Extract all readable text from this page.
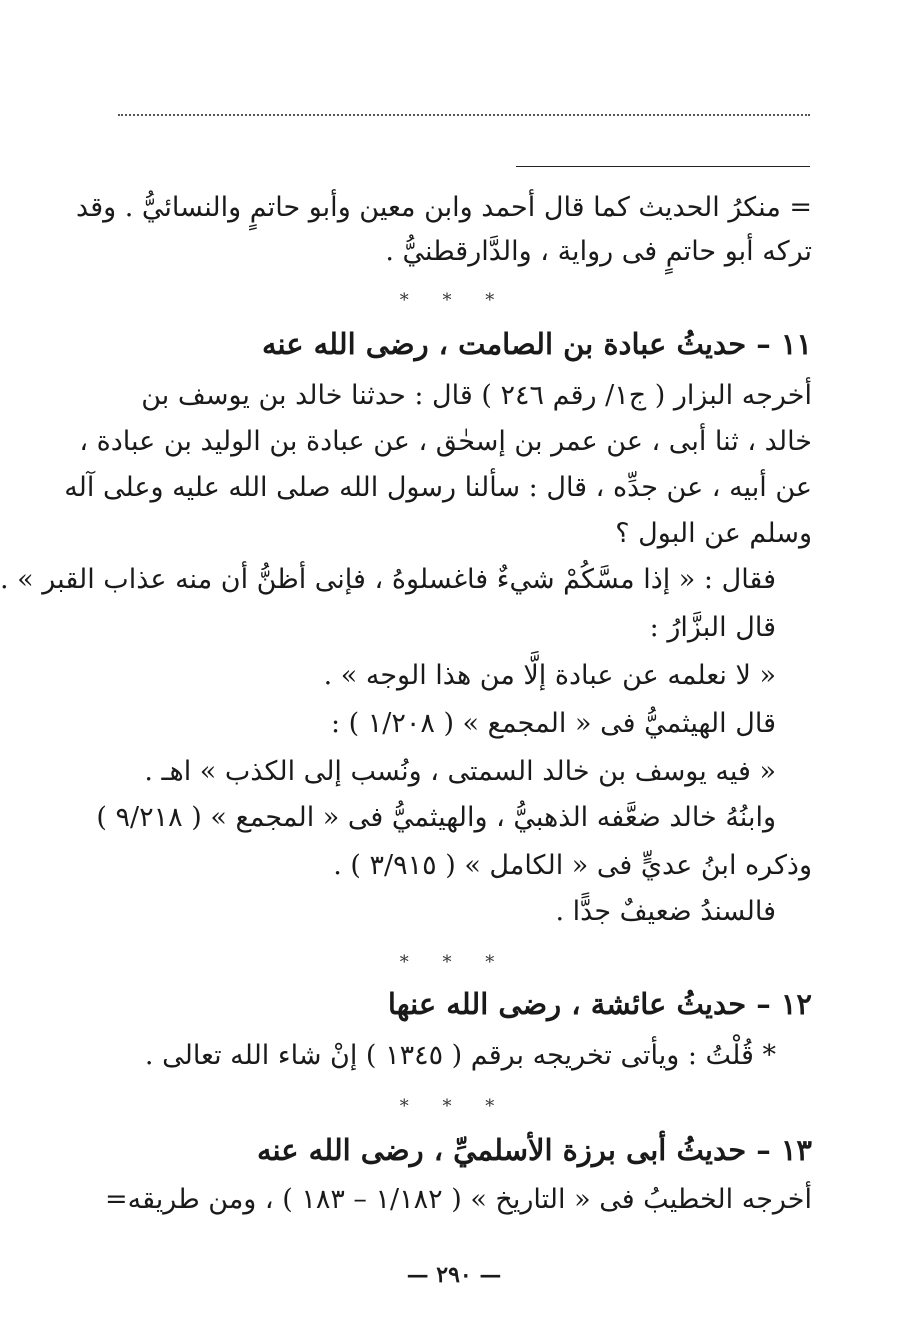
= منكرُ الحديث كما قال أحمد وابن معين وأبو حاتمٍ والنسائيُّ . وقد
تركه أبو حاتمٍ فى رواية ، والدَّارقطنيُّ .
* * *
١١ – حديثُ عبادة بن الصامت ، رضى الله عنه
أخرجه البزار ( ج١/ رقم ٢٤٦ ) قال : حدثنا خالد بن يوسف بن
خالد ، ثنا أبى ، عن عمر بن إسحٰق ، عن عبادة بن الوليد بن عبادة ،
عن أبيه ، عن جدِّه ، قال : سألنا رسول الله صلى الله عليه وعلى آله
وسلم عن البول ؟
فقال : « إذا مسَّكُمْ شيءٌ فاغسلوهُ ، فإنى أظنُّ أن منه عذاب القبر » .
قال البزَّارُ :
« لا نعلمه عن عبادة إلَّا من هذا الوجه » .
قال الهيثميُّ فى « المجمع » ( ١/٢٠٨ ) :
« فيه يوسف بن خالد السمتى ، ونُسب إلى الكذب » اهـ .
وابنُهُ خالد ضعَّفه الذهبيُّ ، والهيثميُّ فى « المجمع » ( ٩/٢١٨ )
وذكره ابنُ عديٍّ فى « الكامل » ( ٣/٩١٥ ) .
فالسندُ ضعيفٌ جدًّا .
* * *
١٢ – حديثُ عائشة ، رضى الله عنها
* قُلْتُ : ويأتى تخريجه برقم ( ١٣٤٥ ) إنْ شاء الله تعالى .
* * *
١٣ – حديثُ أبى برزة الأسلميِّ ، رضى الله عنه
أخرجه الخطيبُ فى « التاريخ » ( ١/١٨٢ – ١٨٣ ) ، ومن طريقه=
— ٢٩٠ —
